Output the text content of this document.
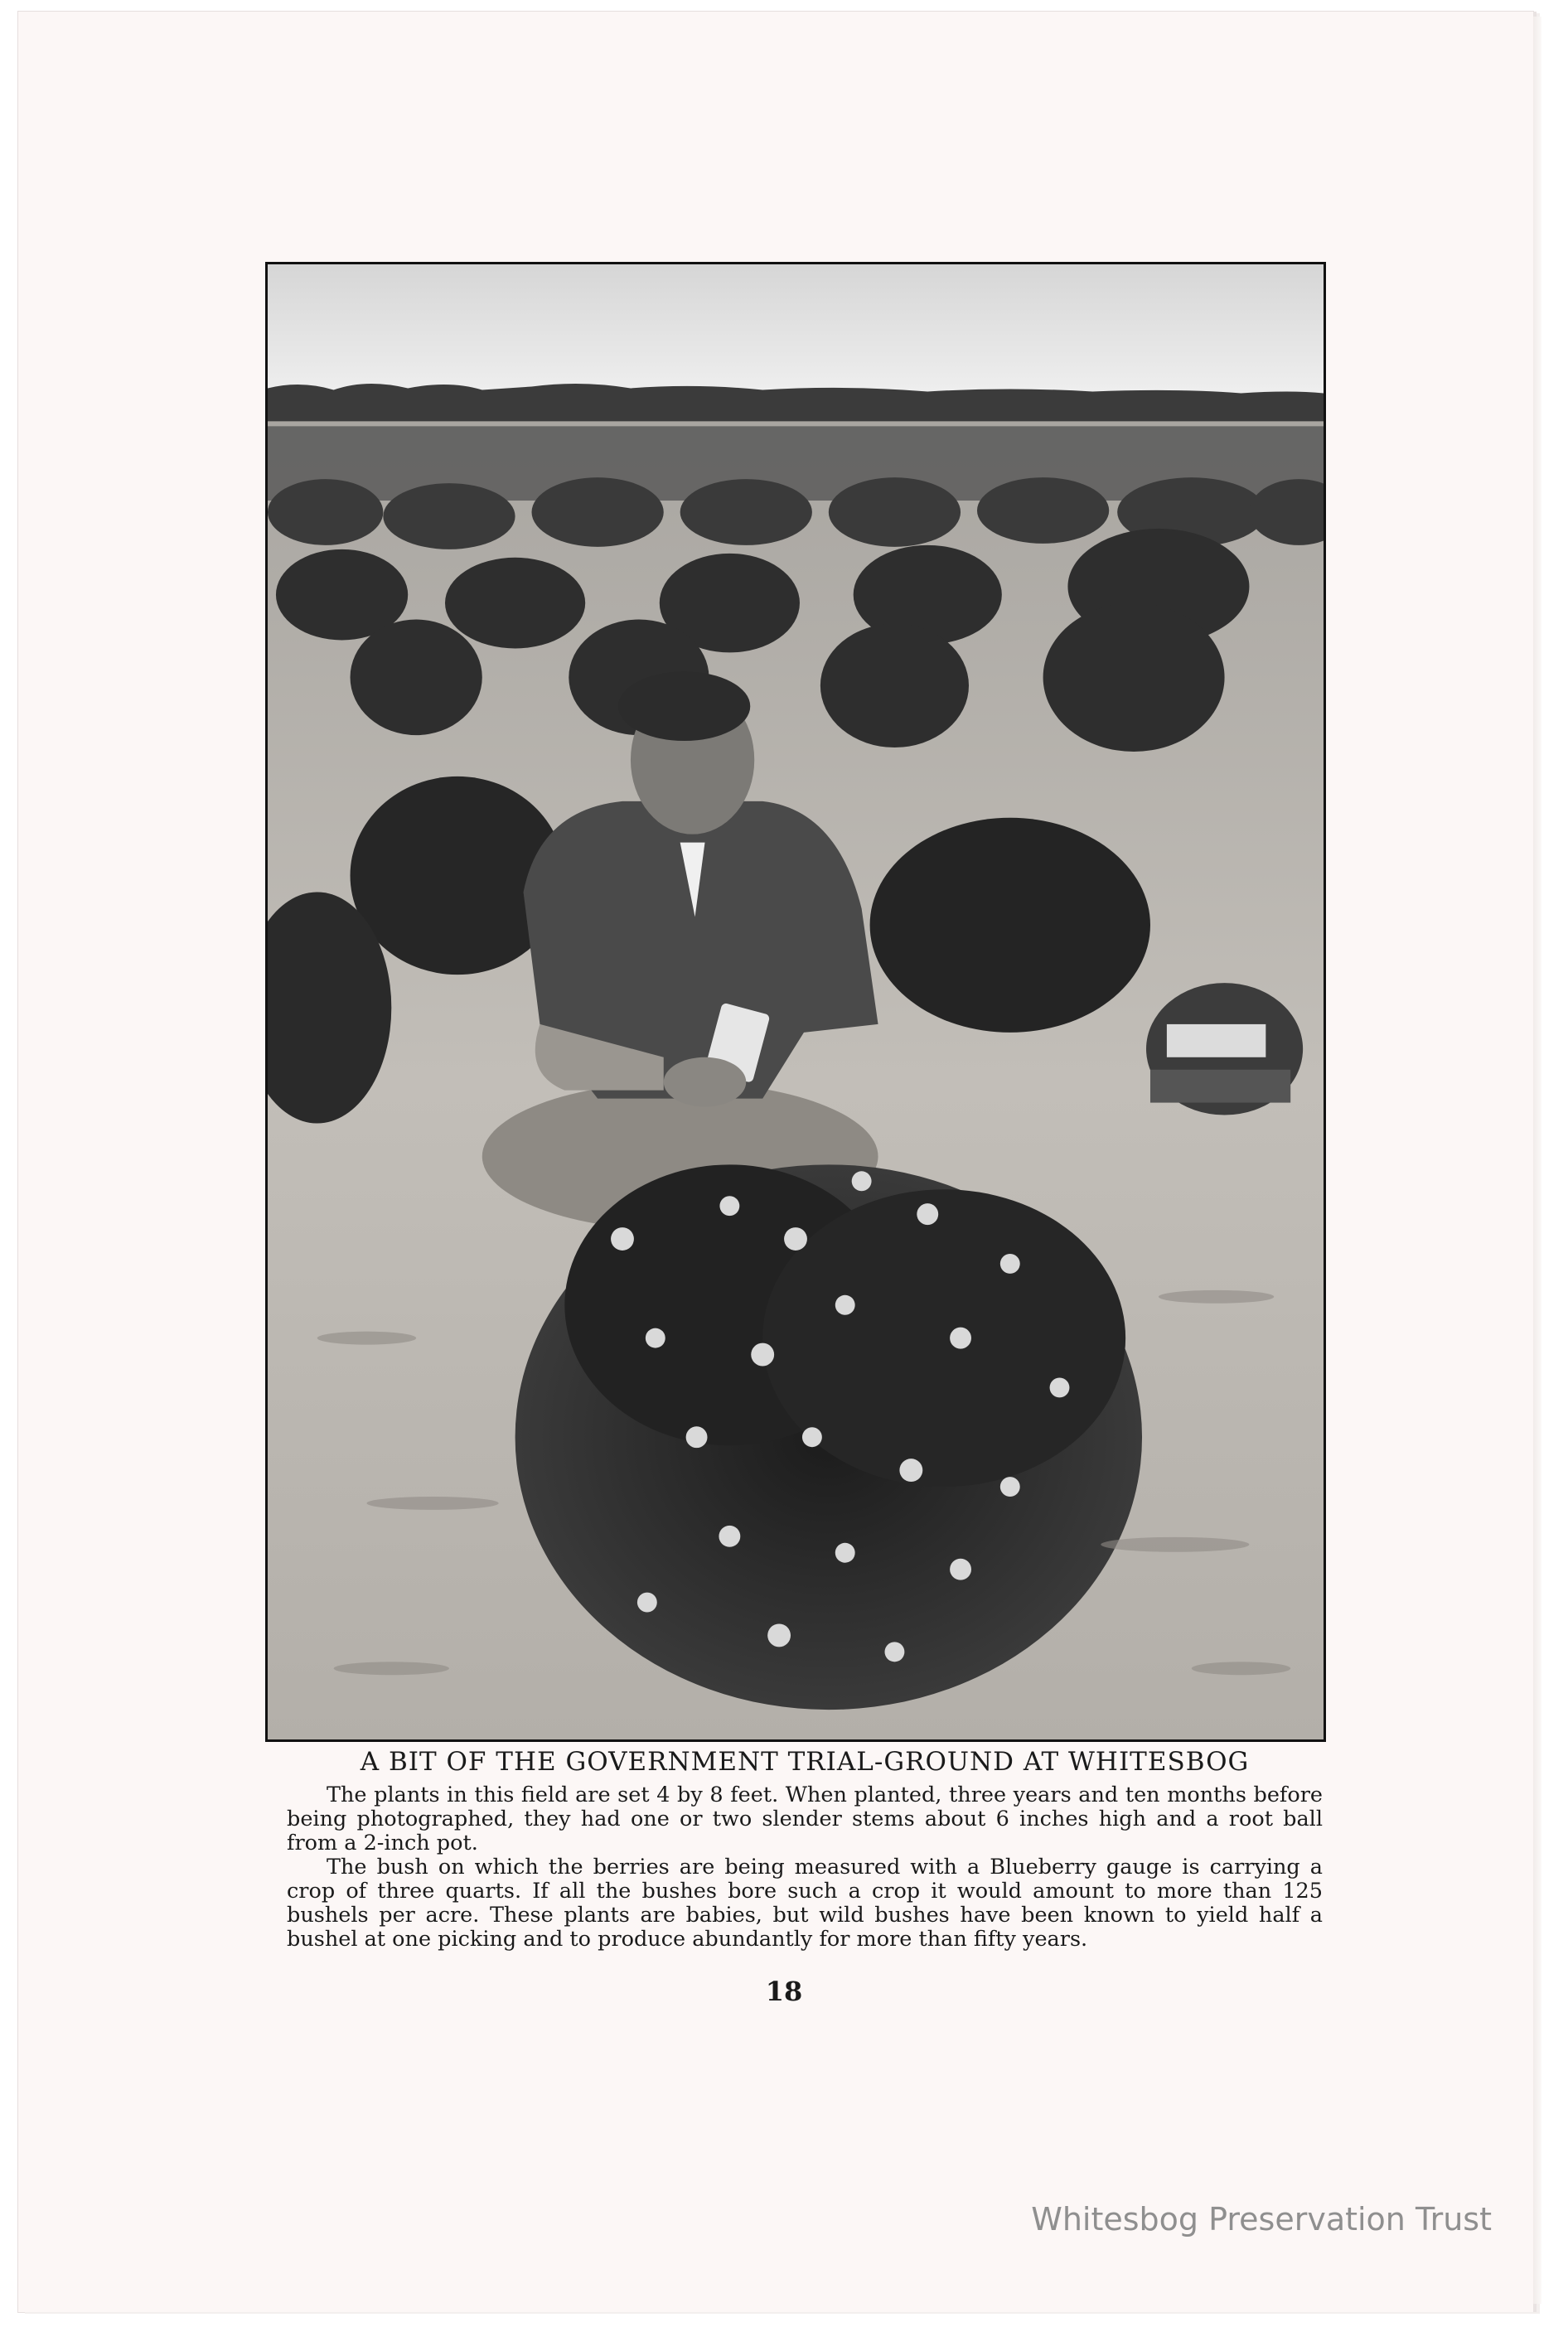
A BIT OF THE GOVERNMENT TRIAL-GROUND AT WHITESBOG

The plants in this field are set 4 by 8 feet. When planted, three years and ten months before being photographed, they had one or two slender stems about 6 inches high and a root ball from a 2-inch pot.

The bush on which the berries are being measured with a Blueberry gauge is carrying a crop of three quarts. If all the bushes bore such a crop it would amount to more than 125 bushels per acre. These plants are babies, but wild bushes have been known to yield half a bushel at one picking and to produce abundantly for more than fifty years.

18
Whitesbog Preservation Trust
